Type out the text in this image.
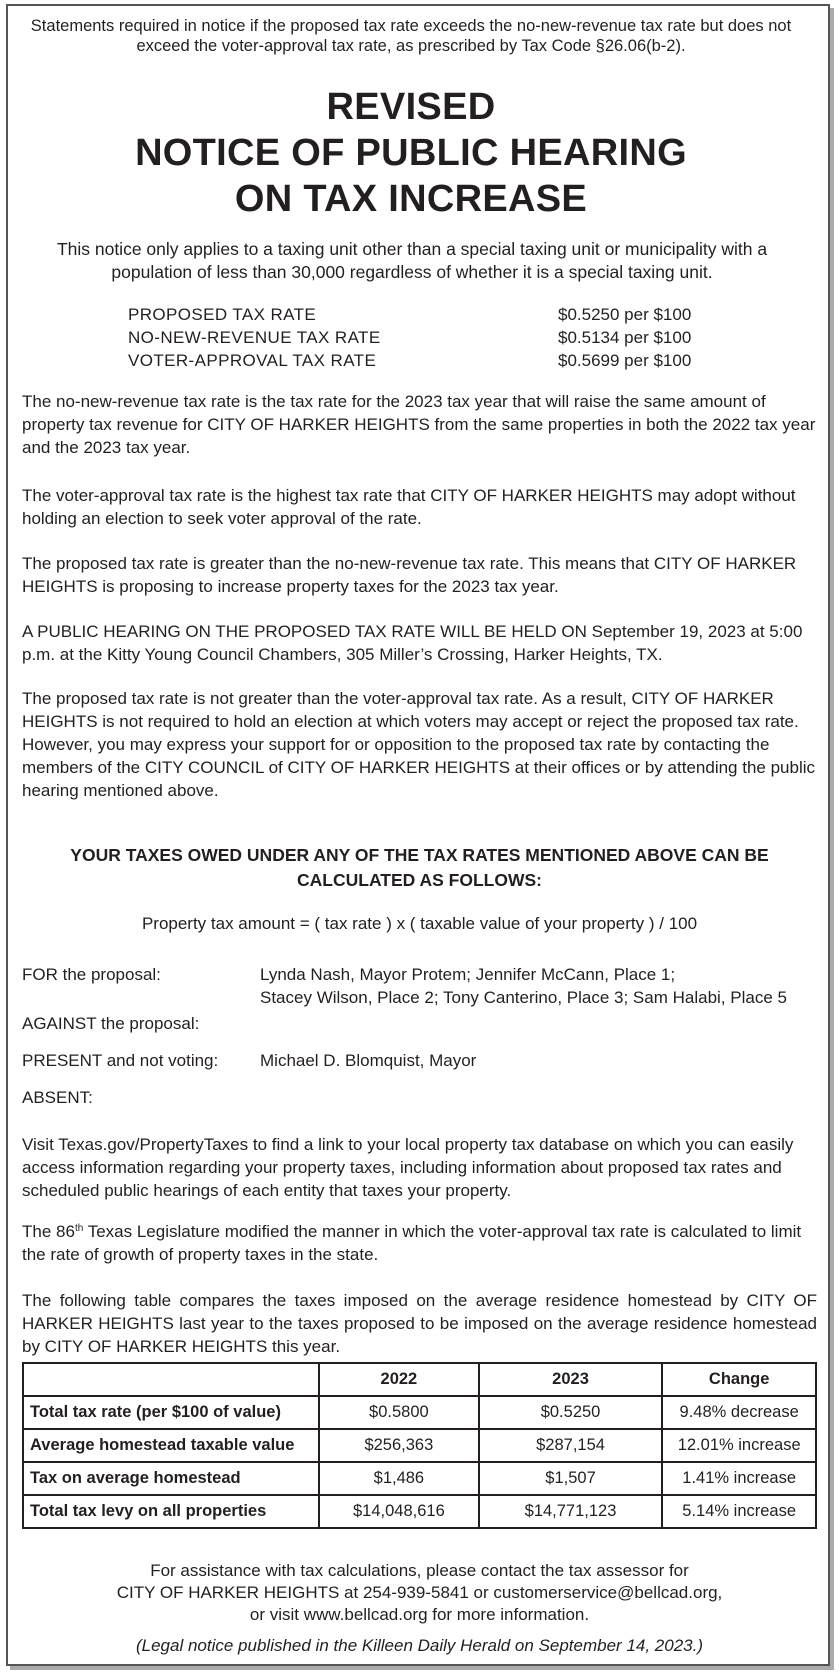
Statements required in notice if the proposed tax rate exceeds the no-new-revenue tax rate but does not exceed the voter-approval tax rate, as prescribed by Tax Code §26.06(b-2).
REVISED
NOTICE OF PUBLIC HEARING
ON TAX INCREASE
This notice only applies to a taxing unit other than a special taxing unit or municipality with a population of less than 30,000 regardless of whether it is a special taxing unit.
PROPOSED TAX RATE	$0.5250 per $100
NO-NEW-REVENUE TAX RATE	$0.5134 per $100
VOTER-APPROVAL TAX RATE	$0.5699 per $100
The no-new-revenue tax rate is the tax rate for the 2023 tax year that will raise the same amount of property tax revenue for CITY OF HARKER HEIGHTS from the same properties in both the 2022 tax year and the 2023 tax year.
The voter-approval tax rate is the highest tax rate that CITY OF HARKER HEIGHTS may adopt without holding an election to seek voter approval of the rate.
The proposed tax rate is greater than the no-new-revenue tax rate. This means that CITY OF HARKER HEIGHTS is proposing to increase property taxes for the 2023 tax year.
A PUBLIC HEARING ON THE PROPOSED TAX RATE WILL BE HELD ON September 19, 2023 at 5:00 p.m. at the Kitty Young Council Chambers, 305 Miller’s Crossing, Harker Heights, TX.
The proposed tax rate is not greater than the voter-approval tax rate. As a result, CITY OF HARKER HEIGHTS is not required to hold an election at which voters may accept or reject the proposed tax rate. However, you may express your support for or opposition to the proposed tax rate by contacting the members of the CITY COUNCIL of CITY OF HARKER HEIGHTS at their offices or by attending the public hearing mentioned above.
YOUR TAXES OWED UNDER ANY OF THE TAX RATES MENTIONED ABOVE CAN BE CALCULATED AS FOLLOWS:
Property tax amount = ( tax rate ) x ( taxable value of your property ) / 100
FOR the proposal:	Lynda Nash, Mayor Protem; Jennifer McCann, Place 1;
Stacey Wilson, Place 2; Tony Canterino, Place 3; Sam Halabi, Place 5
AGAINST the proposal:
PRESENT and not voting: Michael D. Blomquist, Mayor
ABSENT:
Visit Texas.gov/PropertyTaxes to find a link to your local property tax database on which you can easily access information regarding your property taxes, including information about proposed tax rates and scheduled public hearings of each entity that taxes your property.
The 86th Texas Legislature modified the manner in which the voter-approval tax rate is calculated to limit the rate of growth of property taxes in the state.
The following table compares the taxes imposed on the average residence homestead by CITY OF HARKER HEIGHTS last year to the taxes proposed to be imposed on the average residence homestead by CITY OF HARKER HEIGHTS this year.
	2022	2023	Change
Total tax rate (per $100 of value)	$0.5800	$0.5250	9.48% decrease
Average homestead taxable value	$256,363	$287,154	12.01% increase
Tax on average homestead	$1,486	$1,507	1.41% increase
Total tax levy on all properties	$14,048,616	$14,771,123	5.14% increase
For assistance with tax calculations, please contact the tax assessor for
CITY OF HARKER HEIGHTS at 254-939-5841 or customerservice@bellcad.org,
or visit www.bellcad.org for more information.
(Legal notice published in the Killeen Daily Herald on September 14, 2023.)
